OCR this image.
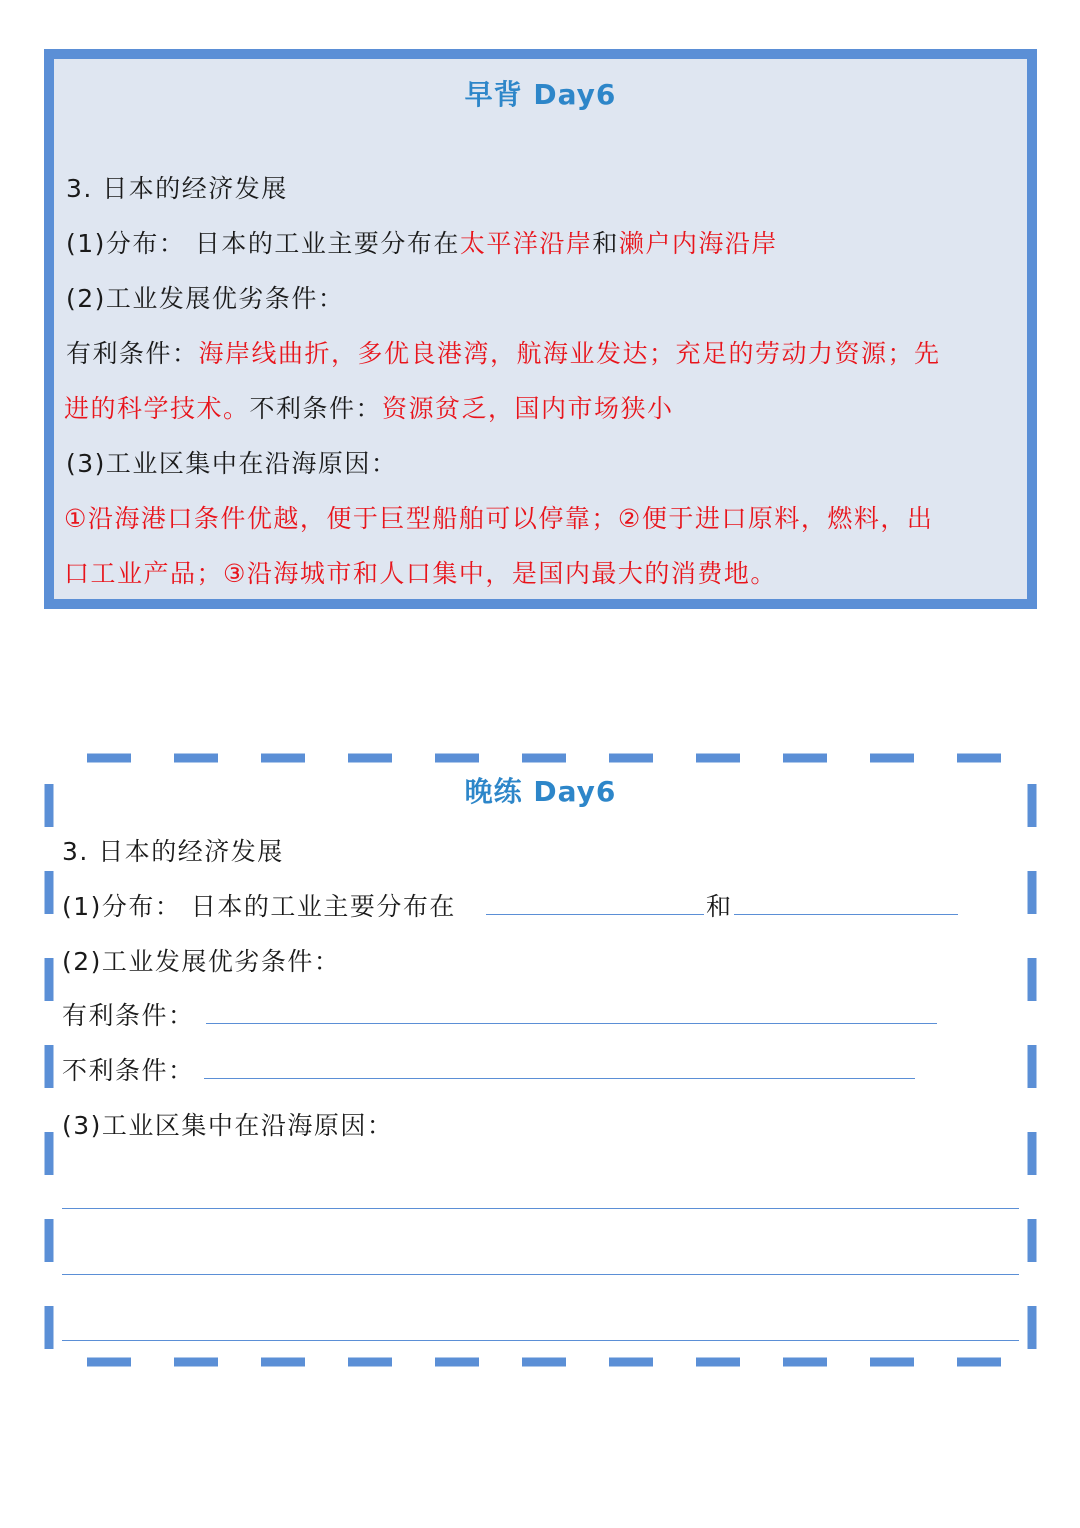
早背 Day6
3. 日本的经济发展
(1)分布： 日本的工业主要分布在太平洋沿岸和濑户内海沿岸
(2)工业发展优劣条件：
有利条件：海岸线曲折，多优良港湾，航海业发达；充足的劳动力资源；先
进的科学技术。不利条件：资源贫乏，国内市场狭小
(3)工业区集中在沿海原因：
①沿海港口条件优越，便于巨型船舶可以停靠；②便于进口原料，燃料，出
口工业产品；③沿海城市和人口集中，是国内最大的消费地。
晚练 Day6
3. 日本的经济发展
(1)分布： 日本的工业主要分布在	和
(2)工业发展优劣条件：
有利条件：
不利条件：
(3)工业区集中在沿海原因：
